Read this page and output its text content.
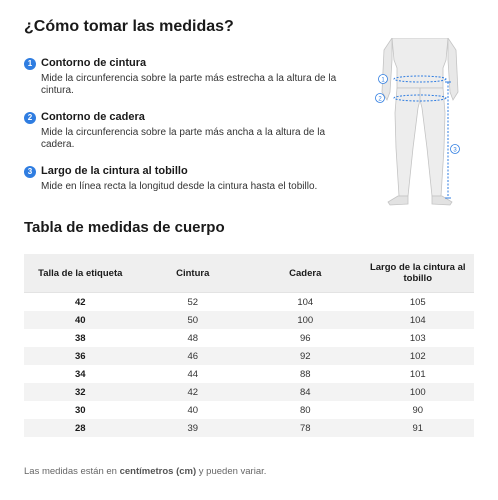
¿Cómo tomar las medidas?
1 Contorno de cintura
Mide la circunferencia sobre la parte más estrecha a la altura de la cintura.
2 Contorno de cadera
Mide la circunferencia sobre la parte más ancha a la altura de la cadera.
3 Largo de la cintura al tobillo
Mide en línea recta la longitud desde la cintura hasta el tobillo.
1
2
3
Tabla de medidas de cuerpo
Talla de la etiqueta	Cintura	Cadera	Largo de la cintura al tobillo
42	52	104	105
40	50	100	104
38	48	96	103
36	46	92	102
34	44	88	101
32	42	84	100
30	40	80	90
28	39	78	91
Las medidas están en centímetros (cm) y pueden variar.
